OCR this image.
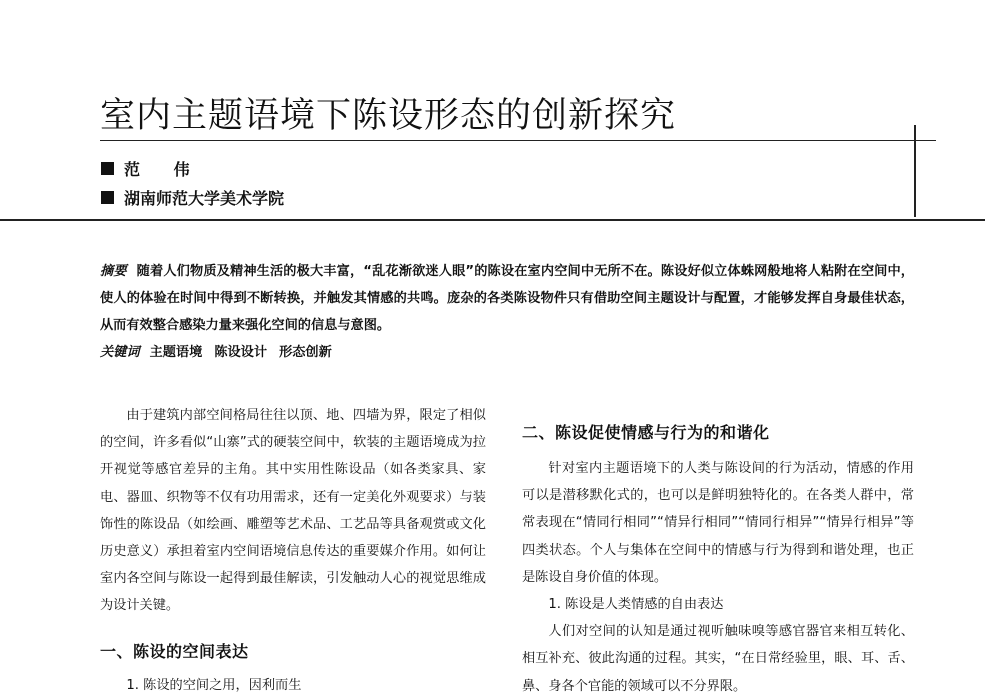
室内主题语境下陈设形态的创新探究
范 伟
湖南师范大学美术学院
摘要 随着人们物质及精神生活的极大丰富，“乱花渐欲迷人眼”的陈设在室内空间中无所不在。陈设好似立体蛛网般地将人粘附在空间中，使人的体验在时间中得到不断转换，并触发其情感的共鸣。庞杂的各类陈设物件只有借助空间主题设计与配置，才能够发挥自身最佳状态，从而有效整合感染力量来强化空间的信息与意图。
关键词 主题语境 陈设设计 形态创新

由于建筑内部空间格局往往以顶、地、四墙为界，限定了相似的空间，许多看似“山寨”式的硬装空间中，软装的主题语境成为拉开视觉等感官差异的主角。其中实用性陈设品（如各类家具、家电、器皿、织物等不仅有功用需求，还有一定美化外观要求）与装饰性的陈设品（如绘画、雕塑等艺术品、工艺品等具备观赏或文化历史意义）承担着室内空间语境信息传达的重要媒介作用。如何让室内各空间与陈设一起得到最佳解读，引发触动人心的视觉思维成为设计关键。

一、陈设的空间表达

1. 陈设的空间之用，因利而生

二、陈设促使情感与行为的和谐化

针对室内主题语境下的人类与陈设间的行为活动，情感的作用可以是潜移默化式的，也可以是鲜明独特化的。在各类人群中，常常表现在“情同行相同”“情异行相同”“情同行相异”“情异行相异”等四类状态。个人与集体在空间中的情感与行为得到和谐处理，也正是陈设自身价值的体现。

1. 陈设是人类情感的自由表达

人们对空间的认知是通过视听触味嗅等感官器官来相互转化、相互补充、彼此沟通的过程。其实，“在日常经验里，眼、耳、舌、鼻、身各个官能的领域可以不分界限。
